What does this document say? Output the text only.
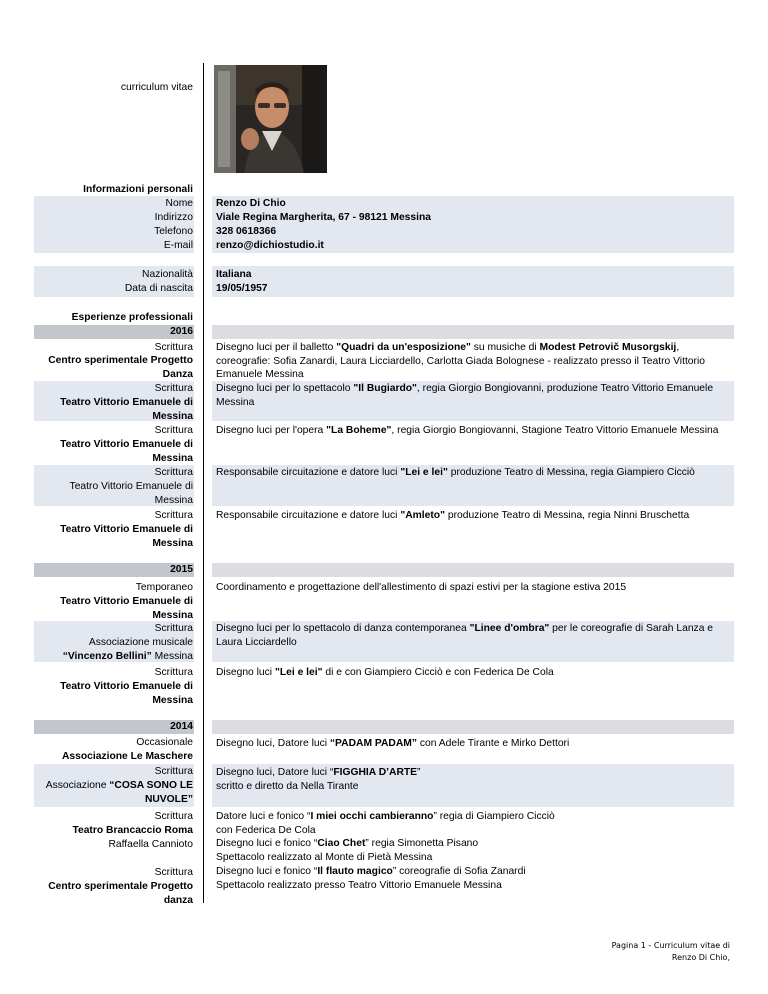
curriculum vitae
Informazioni personali
Nome
Indirizzo
Telefono
E-mail
Renzo Di Chio
Viale Regina Margherita, 67 - 98121 Messina
328 0618366
renzo@dichiostudio.it
Nazionalità
Data di nascita
Italiana
19/05/1957
Esperienze professionali
2016
Scrittura
Centro sperimentale Progetto
Danza
Disegno luci per il balletto "Quadri da un'esposizione" su musiche di Modest Petrovič Musorgskij,
coreografie: Sofia Zanardi, Laura Licciardello, Carlotta Giada Bolognese - realizzato presso il Teatro Vittorio
Emanuele Messina
Scrittura
Teatro Vittorio Emanuele di
Messina
Disegno luci per lo spettacolo "Il Bugiardo", regia Giorgio Bongiovanni, produzione Teatro Vittorio Emanuele
Messina
Scrittura
Teatro Vittorio Emanuele di
Messina
Disegno luci per l'opera "La Boheme", regia Giorgio Bongiovanni, Stagione Teatro Vittorio Emanuele Messina
Scrittura
Teatro Vittorio Emanuele di
Messina
Responsabile circuitazione e datore luci "Lei e lei" produzione Teatro di Messina, regia Giampiero Cicciò
Scrittura
Teatro Vittorio Emanuele di
Messina
Responsabile circuitazione e datore luci "Amleto" produzione Teatro di Messina, regia Ninni Bruschetta
2015
Temporaneo
Teatro Vittorio Emanuele di
Messina
Coordinamento e progettazione dell'allestimento di spazi estivi per la stagione estiva 2015
Scrittura
Associazione musicale
“Vincenzo Bellini” Messina
Disegno luci per lo spettacolo di danza contemporanea "Linee d'ombra" per le coreografie di Sarah Lanza e
Laura Licciardello
Scrittura
Teatro Vittorio Emanuele di
Messina
Disegno luci "Lei e lei" di e con Giampiero Cicciò e con Federica De Cola
2014
Occasionale
Associazione Le Maschere
Disegno luci, Datore luci “PADAM PADAM” con Adele Tirante e Mirko Dettori
Scrittura
Associazione “COSA SONO LE
NUVOLE”
Disegno luci, Datore luci “FIGGHIA D’ARTE”
scritto e diretto da Nella Tirante
Scrittura
Teatro Brancaccio Roma
Raffaella Cannioto
Datore luci e fonico “I miei occhi cambieranno” regia di Giampiero Cicciò
con Federica De Cola
Disegno luci e fonico “Ciao Chet” regia Simonetta Pisano
Spettacolo realizzato al Monte di Pietà Messina
Scrittura
Centro sperimentale Progetto
danza
Disegno luci e fonico “Il flauto magico” coreografie di Sofia Zanardi
Spettacolo realizzato presso Teatro Vittorio Emanuele Messina
Pagina 1 - Curriculum vitae di
Renzo Di Chio,
